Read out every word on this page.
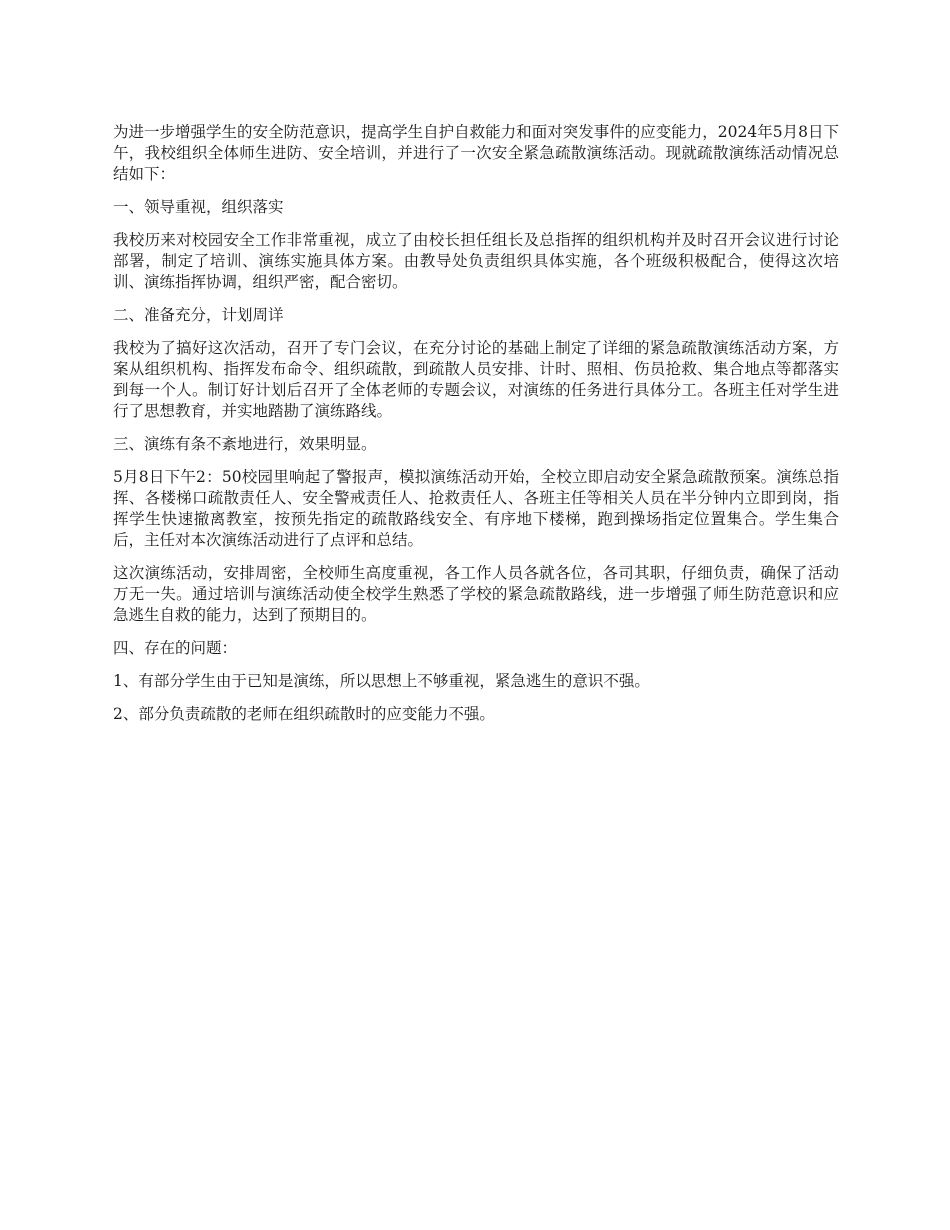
为进一步增强学生的安全防范意识，提高学生自护自救能力和面对突发事件的应变能力，2024年5月8日下午，我校组织全体师生进防、安全培训，并进行了一次安全紧急疏散演练活动。现就疏散演练活动情况总结如下：

一、领导重视，组织落实

我校历来对校园安全工作非常重视，成立了由校长担任组长及总指挥的组织机构并及时召开会议进行讨论部署，制定了培训、演练实施具体方案。由教导处负责组织具体实施，各个班级积极配合，使得这次培训、演练指挥协调，组织严密，配合密切。

二、准备充分，计划周详

我校为了搞好这次活动，召开了专门会议，在充分讨论的基础上制定了详细的紧急疏散演练活动方案，方案从组织机构、指挥发布命令、组织疏散，到疏散人员安排、计时、照相、伤员抢救、集合地点等都落实到每一个人。制订好计划后召开了全体老师的专题会议，对演练的任务进行具体分工。各班主任对学生进行了思想教育，并实地踏勘了演练路线。

三、演练有条不紊地进行，效果明显。

5月8日下午2：50校园里响起了警报声，模拟演练活动开始，全校立即启动安全紧急疏散预案。演练总指挥、各楼梯口疏散责任人、安全警戒责任人、抢救责任人、各班主任等相关人员在半分钟内立即到岗，指挥学生快速撤离教室，按预先指定的疏散路线安全、有序地下楼梯，跑到操场指定位置集合。学生集合后，主任对本次演练活动进行了点评和总结。

这次演练活动，安排周密，全校师生高度重视，各工作人员各就各位，各司其职，仔细负责，确保了活动万无一失。通过培训与演练活动使全校学生熟悉了学校的紧急疏散路线，进一步增强了师生防范意识和应急逃生自救的能力，达到了预期目的。

四、存在的问题：

1、有部分学生由于已知是演练，所以思想上不够重视，紧急逃生的意识不强。

2、部分负责疏散的老师在组织疏散时的应变能力不强。
